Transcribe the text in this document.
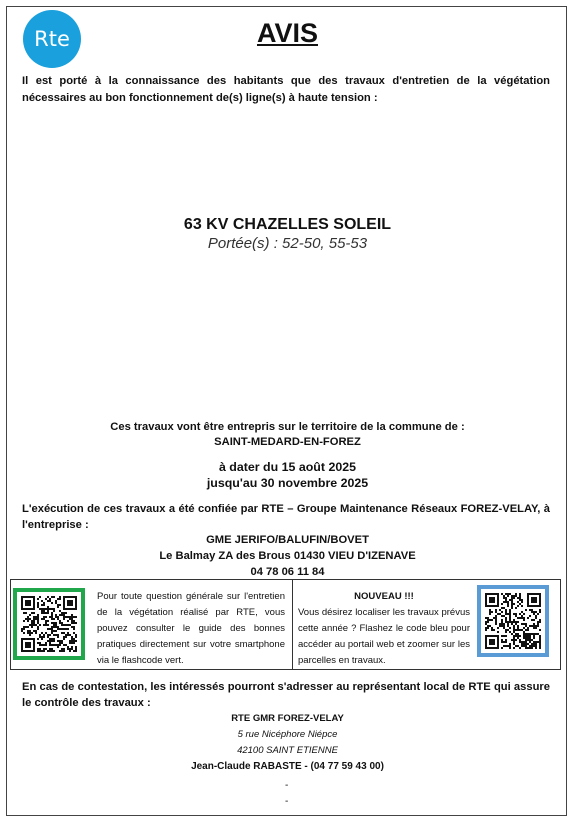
Rte	AVIS
Il est porté à la connaissance des habitants que des travaux d'entretien de la végétation nécessaires au bon fonctionnement de(s) ligne(s) à haute tension :
63 KV CHAZELLES SOLEIL
Portée(s) : 52-50, 55-53
Ces travaux vont être entrepris sur le territoire de la commune de :
SAINT-MEDARD-EN-FOREZ
à dater du 15 août 2025
jusqu'au 30 novembre 2025
L'exécution de ces travaux a été confiée par RTE – Groupe Maintenance Réseaux FOREZ-VELAY, à l'entreprise :
GME JERIFO/BALUFIN/BOVET
Le Balmay ZA des Brous 01430 VIEU D'IZENAVE
04 78 06 11 84
Pour toute question générale sur l'entretien de la végétation réalisé par RTE, vous pouvez consulter le guide des bonnes pratiques directement sur votre smartphone via le flashcode vert.
NOUVEAU !!!
Vous désirez localiser les travaux prévus cette année ? Flashez le code bleu pour accéder au portail web et zoomer sur les parcelles en travaux.
En cas de contestation, les intéressés pourront s'adresser au représentant local de RTE qui assure le contrôle des travaux :
RTE GMR FOREZ-VELAY
5 rue Nicéphore Niépce
42100 SAINT ETIENNE
Jean-Claude RABASTE - (04 77 59 43 00)
-
-
